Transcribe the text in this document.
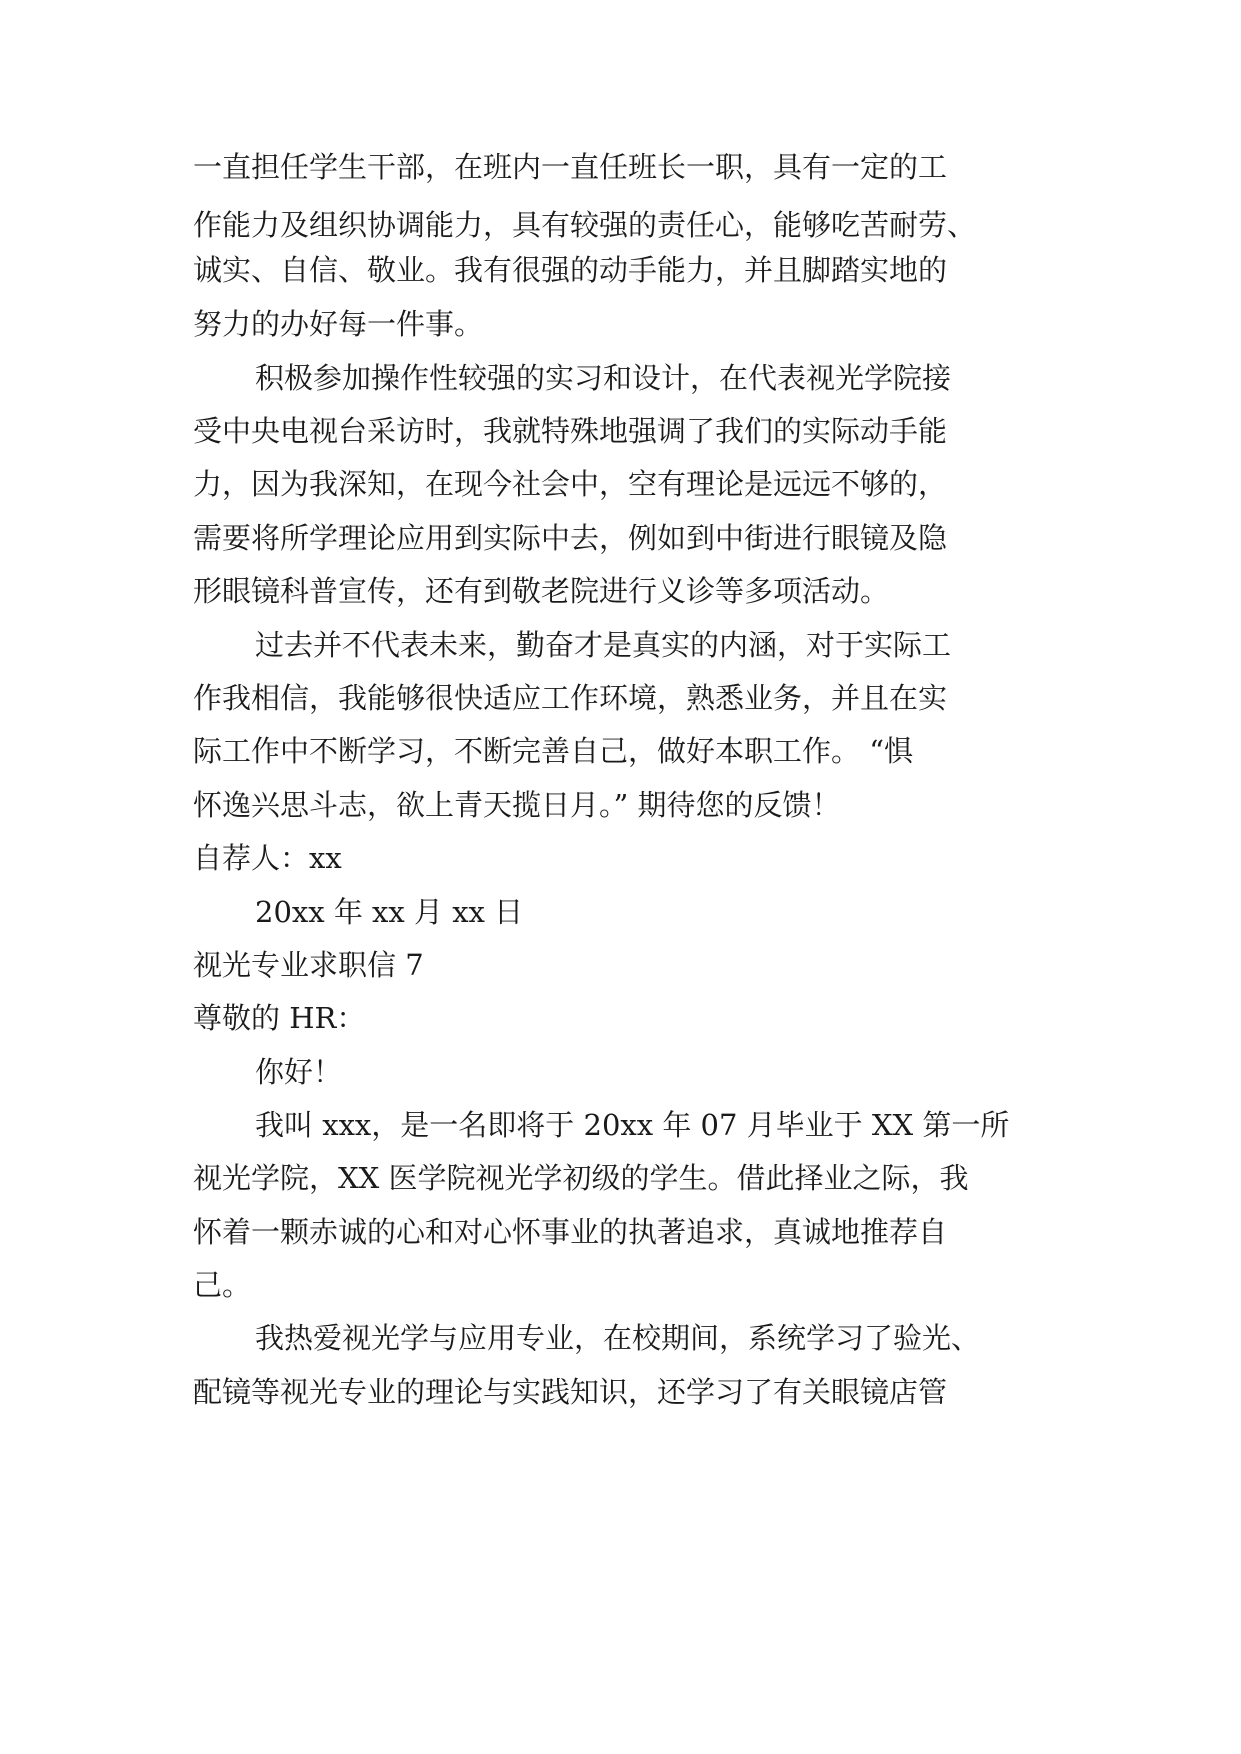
一直担任学生干部，在班内一直任班长一职，具有一定的工
作能力及组织协调能力，具有较强的责任心，能够吃苦耐劳、
诚实、自信、敬业。我有很强的动手能力，并且脚踏实地的
努力的办好每一件事。
积极参加操作性较强的实习和设计，在代表视光学院接
受中央电视台采访时，我就特殊地强调了我们的实际动手能
力，因为我深知，在现今社会中，空有理论是远远不够的，
需要将所学理论应用到实际中去，例如到中街进行眼镜及隐
形眼镜科普宣传，还有到敬老院进行义诊等多项活动。
过去并不代表未来，勤奋才是真实的内涵，对于实际工
作我相信，我能够很快适应工作环境，熟悉业务，并且在实
际工作中不断学习，不断完善自己，做好本职工作。 “惧
怀逸兴思斗志，欲上青天揽日月。” 期待您的反馈！
自荐人：xx
20xx 年 xx 月 xx 日
视光专业求职信 7
尊敬的 HR：
你好！
我叫 xxx，是一名即将于 20xx 年 07 月毕业于 XX 第一所
视光学院，XX 医学院视光学初级的学生。借此择业之际，我
怀着一颗赤诚的心和对心怀事业的执著追求，真诚地推荐自
己。
我热爱视光学与应用专业，在校期间，系统学习了验光、
配镜等视光专业的理论与实践知识，还学习了有关眼镜店管
